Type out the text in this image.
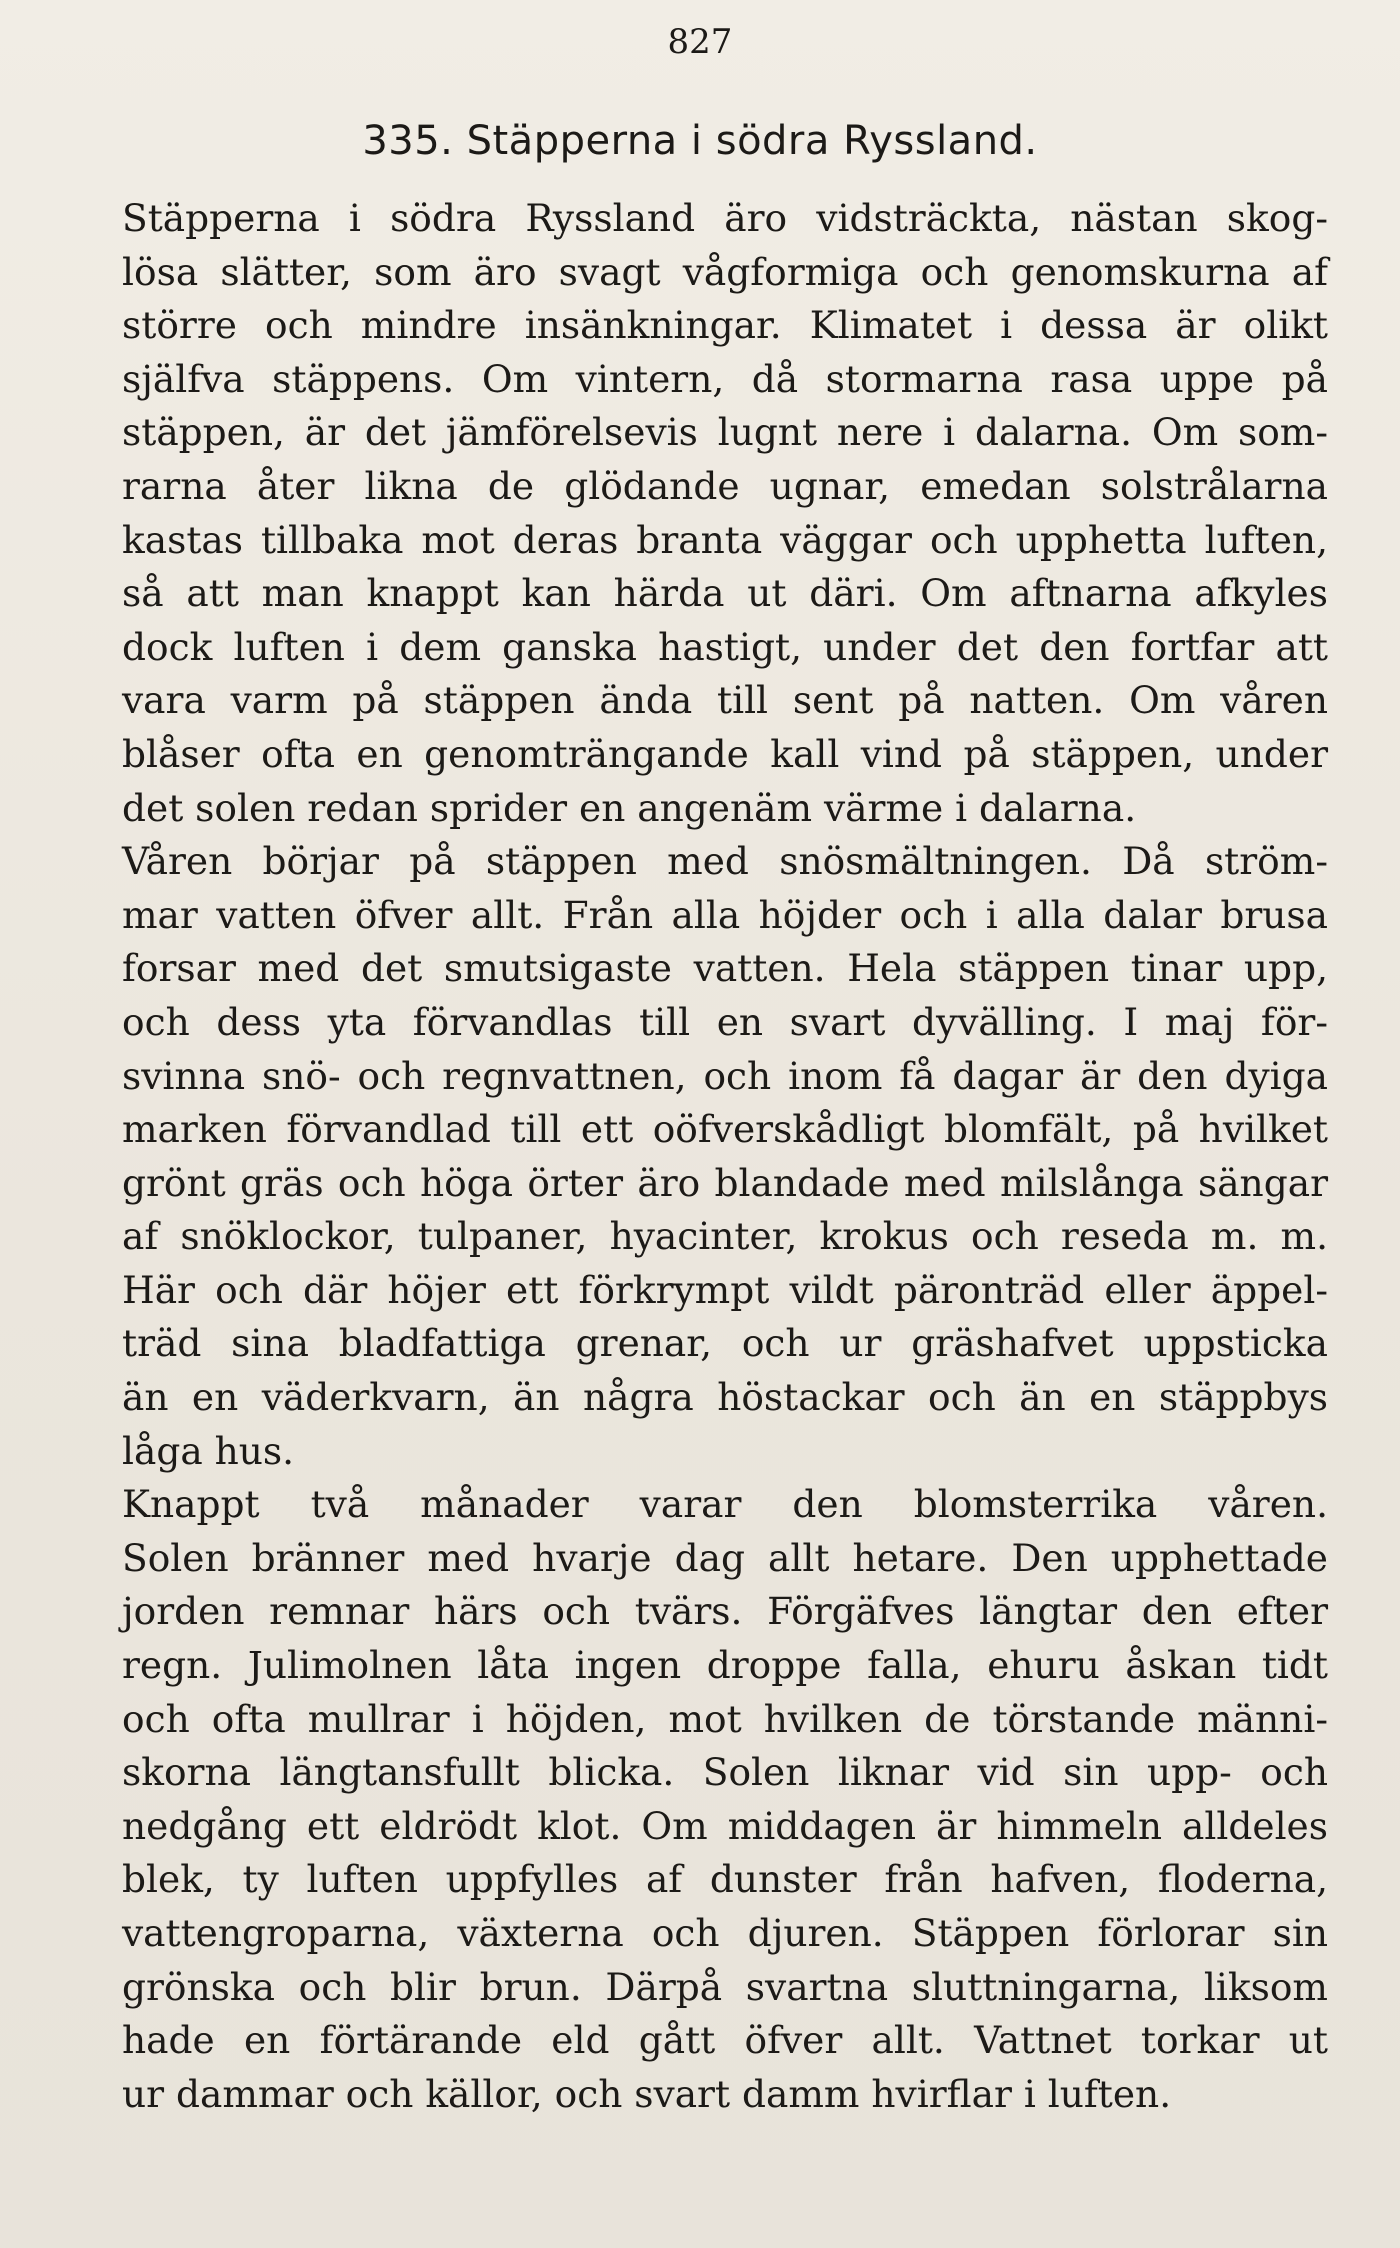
827
335. Stäpperna i södra Ryssland.

Stäpperna i södra Ryssland äro vidsträckta, nästan skog-
lösa slätter, som äro svagt vågformiga och genomskurna af
större och mindre insänkningar. Klimatet i dessa är olikt
själfva stäppens. Om vintern, då stormarna rasa uppe på
stäppen, är det jämförelsevis lugnt nere i dalarna. Om som-
rarna åter likna de glödande ugnar, emedan solstrålarna
kastas tillbaka mot deras branta väggar och upphetta luften,
så att man knappt kan härda ut däri. Om aftnarna afkyles
dock luften i dem ganska hastigt, under det den fortfar att
vara varm på stäppen ända till sent på natten. Om våren
blåser ofta en genomträngande kall vind på stäppen, under
det solen redan sprider en angenäm värme i dalarna.

Våren börjar på stäppen med snösmältningen. Då ström-
mar vatten öfver allt. Från alla höjder och i alla dalar brusa
forsar med det smutsigaste vatten. Hela stäppen tinar upp,
och dess yta förvandlas till en svart dyvälling. I maj för-
svinna snö- och regnvattnen, och inom få dagar är den dyiga
marken förvandlad till ett oöfverskådligt blomfält, på hvilket
grönt gräs och höga örter äro blandade med milslånga sängar
af snöklockor, tulpaner, hyacinter, krokus och reseda m. m.
Här och där höjer ett förkrympt vildt päronträd eller äppel-
träd sina bladfattiga grenar, och ur gräshafvet uppsticka
än en väderkvarn, än några höstackar och än en stäppbys
låga hus.

Knappt två månader varar den blomsterrika våren.
Solen bränner med hvarje dag allt hetare. Den upphettade
jorden remnar härs och tvärs. Förgäfves längtar den efter
regn. Julimolnen låta ingen droppe falla, ehuru åskan tidt
och ofta mullrar i höjden, mot hvilken de törstande männi-
skorna längtansfullt blicka. Solen liknar vid sin upp- och
nedgång ett eldrödt klot. Om middagen är himmeln alldeles
blek, ty luften uppfylles af dunster från hafven, floderna,
vattengroparna, växterna och djuren. Stäppen förlorar sin
grönska och blir brun. Därpå svartna sluttningarna, liksom
hade en förtärande eld gått öfver allt. Vattnet torkar ut
ur dammar och källor, och svart damm hvirflar i luften.
